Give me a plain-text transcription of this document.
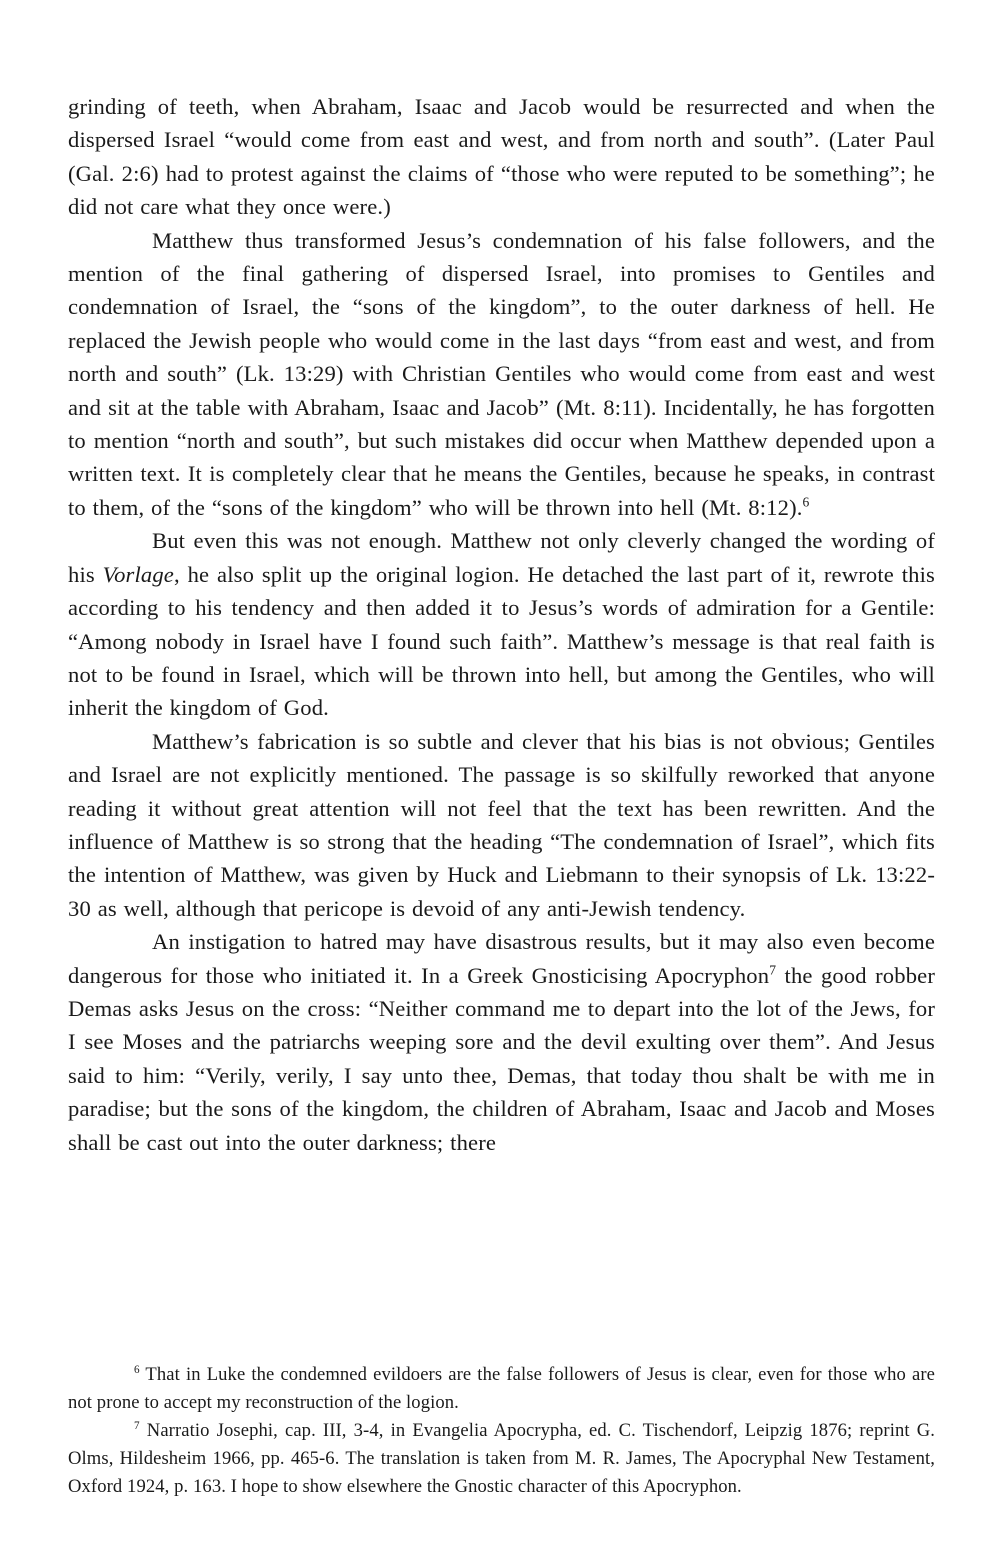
grinding of teeth, when Abraham, Isaac and Jacob would be resurrected and when the dispersed Israel “would come from east and west, and from north and south”. (Later Paul (Gal. 2:6) had to protest against the claims of “those who were reputed to be something”; he did not care what they once were.)

Matthew thus transformed Jesus’s condemnation of his false followers, and the mention of the final gathering of dispersed Israel, into promises to Gentiles and condemnation of Israel, the “sons of the kingdom”, to the outer darkness of hell. He replaced the Jewish people who would come in the last days “from east and west, and from north and south” (Lk. 13:29) with Christian Gentiles who would come from east and west and sit at the table with Abraham, Isaac and Jacob” (Mt. 8:11). Incidentally, he has forgotten to mention “north and south”, but such mistakes did occur when Matthew depended upon a written text. It is completely clear that he means the Gentiles, because he speaks, in contrast to them, of the “sons of the kingdom” who will be thrown into hell (Mt. 8:12).$^6$

But even this was not enough. Matthew not only cleverly changed the wording of his Vorlage, he also split up the original logion. He detached the last part of it, rewrote this according to his tendency and then added it to Jesus’s words of admiration for a Gentile: “Among nobody in Israel have I found such faith”. Matthew’s message is that real faith is not to be found in Israel, which will be thrown into hell, but among the Gentiles, who will inherit the kingdom of God.

Matthew’s fabrication is so subtle and clever that his bias is not obvious; Gentiles and Israel are not explicitly mentioned. The passage is so skilfully reworked that anyone reading it without great attention will not feel that the text has been rewritten. And the influence of Matthew is so strong that the heading “The condemnation of Israel”, which fits the intention of Matthew, was given by Huck and Liebmann to their synopsis of Lk. 13:22-30 as well, although that pericope is devoid of any anti-Jewish tendency.

An instigation to hatred may have disastrous results, but it may also even become dangerous for those who initiated it. In a Greek Gnosticising Apocryphon$^7$ the good robber Demas asks Jesus on the cross: “Neither command me to depart into the lot of the Jews, for I see Moses and the patriarchs weeping sore and the devil exulting over them”. And Jesus said to him: “Verily, verily, I say unto thee, Demas, that today thou shalt be with me in paradise; but the sons of the kingdom, the children of Abraham, Isaac and Jacob and Moses shall be cast out into the outer darkness; there

$^6$ That in Luke the condemned evildoers are the false followers of Jesus is clear, even for those who are not prone to accept my reconstruction of the logion.

$^7$ Narratio Josephi, cap. III, 3-4, in Evangelia Apocrypha, ed. C. Tischendorf, Leipzig 1876; reprint G. Olms, Hildesheim 1966, pp. 465-6. The translation is taken from M. R. James, The Apocryphal New Testament, Oxford 1924, p. 163. I hope to show elsewhere the Gnostic character of this Apocryphon.
